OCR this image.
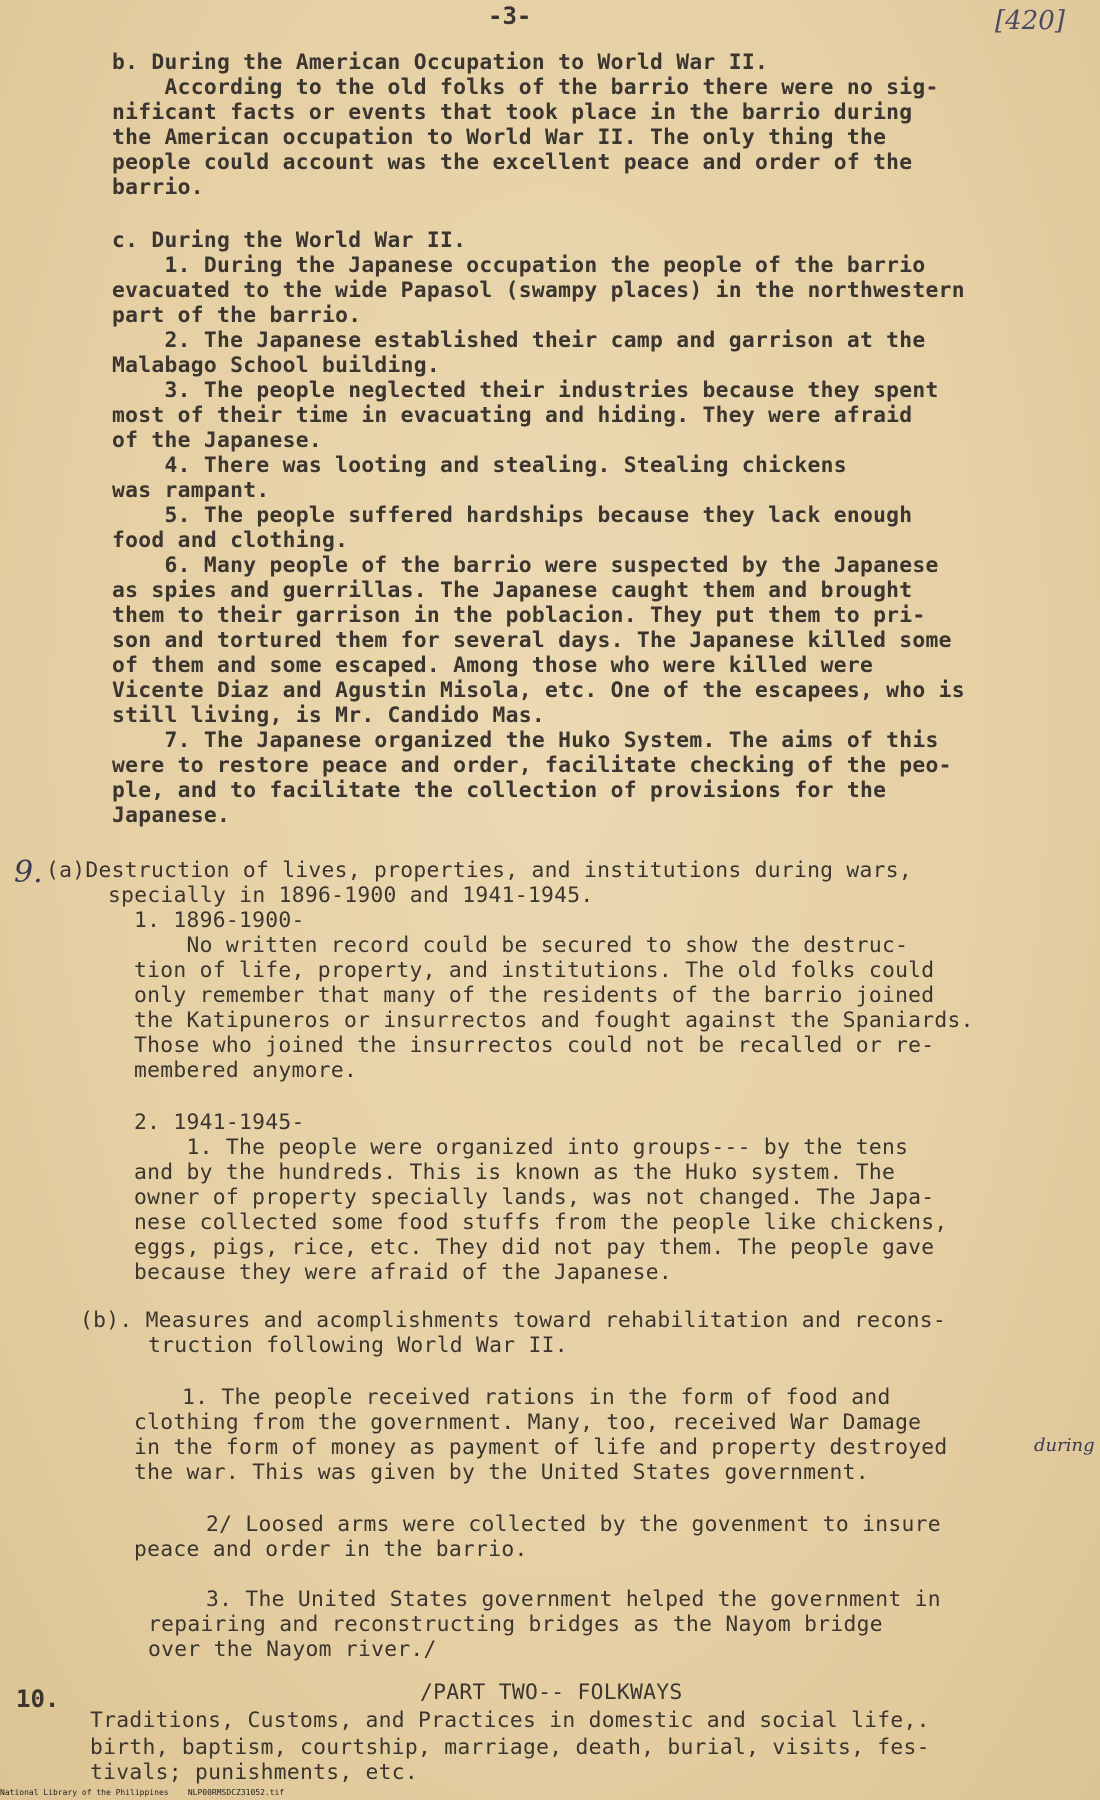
-3-	[420]
b. During the American Occupation to World War II.
According to the old folks of the barrio there were no sig-
nificant facts or events that took place in the barrio during
the American occupation to World War II. The only thing the
people could account was the excellent peace and order of the
barrio.
c. During the World War II.
1. During the Japanese occupation the people of the barrio
evacuated to the wide Papasol (swampy places) in the northwestern
part of the barrio.
2. The Japanese established their camp and garrison at the
Malabago School building.
3. The people neglected their industries because they spent
most of their time in evacuating and hiding. They were afraid
of the Japanese.
4. There was looting and stealing. Stealing chickens
was rampant.
5. The people suffered hardships because they lack enough
food and clothing.
6. Many people of the barrio were suspected by the Japanese
as spies and guerrillas. The Japanese caught them and brought
them to their garrison in the poblacion. They put them to pri-
son and tortured them for several days. The Japanese killed some
of them and some escaped. Among those who were killed were
Vicente Diaz and Agustin Misola, etc. One of the escapees, who is
still living, is Mr. Candido Mas.
7. The Japanese organized the Huko System. The aims of this
were to restore peace and order, facilitate checking of the peo-
ple, and to facilitate the collection of provisions for the
Japanese.
(a)Destruction of lives, properties, and institutions during wars,
specially in 1896-1900 and 1941-1945.
1. 1896-1900-
No written record could be secured to show the destruc-
tion of life, property, and institutions. The old folks could
only remember that many of the residents of the barrio joined
the Katipuneros or insurrectos and fought against the Spaniards.
Those who joined the insurrectos could not be recalled or re-
membered anymore.
2. 1941-1945-
1. The people were organized into groups--- by the tens
and by the hundreds. This is known as the Huko system. The
owner of property specially lands, was not changed. The Japa-
nese collected some food stuffs from the people like chickens,
eggs, pigs, rice, etc. They did not pay them. The people gave
because they were afraid of the Japanese.
(b). Measures and acomplishments toward rehabilitation and recons-
truction following World War II.
1. The people received rations in the form of food and
clothing from the government. Many, too, received War Damage
in the form of money as payment of life and property destroyed
the war. This was given by the United States government.
2/ Loosed arms were collected by the govenment to insure
peace and order in the barrio.
3. The United States government helped the government in
repairing and reconstructing bridges as the Nayom bridge
over the Nayom river./
/PART TWO-- FOLKWAYS
Traditions, Customs, and Practices in domestic and social life,.
birth, baptism, courtship, marriage, death, burial, visits, fes-
tivals; punishments, etc.
9.
10.
during
National Library of the Philippines    NLP00RMSDCZ31052.tif
